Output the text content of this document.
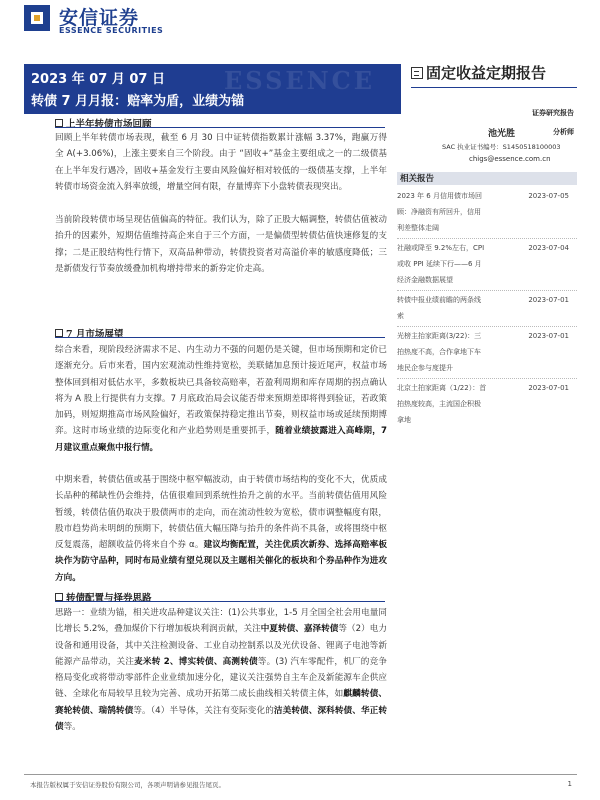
安信证券
ESSENCE SECURITIES
ESSENCE
2023 年 07 月 07 日
转债 7 月月报：赔率为盾，业绩为锚
固定收益定期报告
证券研究报告
池光胜	分析师
SAC 执业证书编号：S1450518100003
chigs@essence.com.cn
相关报告
2023 年 6 月信用债市场回
顾：净融资有所回升，信用
利差整体走阔
2023-07-05
社融或降至 9.2%左右，CPI
或收 PPI 延续下行——6 月
经济金融数据展望
2023-07-04
转债中报业绩前瞻的两条线
索
2023-07-01
光榜主抬家距离(3/22)：三
拍热度不高，合作拿地下车
地民企参与度提升
2023-07-01
北京土拍家距离（1/22）：首
拍热度较高，主流国企积极
拿地
2023-07-01
上半年转债市场回顾
回顾上半年转债市场表现，截至 6 月 30 日中证转债指数累计涨幅 3.37%，跑赢万得全 A(+3.06%)，上涨主要来自三个阶段。由于 “固收+”基金主要组成之一的二级债基在上半年发行遇冷，固收+基金发行主要由风险偏好相对较低的一级债基支撑，上半年转债市场资金流入斜率放缓，增量空间有限，存量博弈下小盘转债表现突出。
当前阶段转债市场呈现估值偏高的特征。我们认为，除了正股大幅调整，转债估值被动抬升的因素外，短期估值维持高企来自于三个方面，一是偏债型转债估值快速修复的支撑；二是正股结构性行情下，双高品种带动，转债投资者对高溢价率的敏感度降低；三是新债发行节奏放缓叠加机构增持带来的新券定价走高。
7 月市场展望
综合来看，现阶段经济需求不足、内生动力不强的问题仍是关键，但市场预期和定价已逐渐充分。后市来看，国内宏观流动性维持宽松，美联储加息预计接近尾声，权益市场整体回到相对低估水平，多数板块已具备较高赔率，若盈利周期和库存周期的拐点确认将为 A 股上行提供有力支撑。7 月底政治局会议能否带来预期差即将得到验证，若政策加码，则短期推高市场风险偏好，若政策保持稳定推出节奏，则权益市场或延续预期博弈。这时市场业绩的边际变化和产业趋势则是重要抓手，随着业绩披露进入高峰期，7 月建议重点聚焦中报行情。
中期来看，转债估值或基于围绕中枢窄幅波动，由于转债市场结构的变化不大，优质成长品种的稀缺性仍会维持，估值很难回到系统性抬升之前的水平。当前转债估值用风险暂缓，转债估值仍取决于股债两市的走向，而在流动性较为宽松，债市调整幅度有限，股市趋势尚未明朗的预期下，转债估值大幅压降与抬升的条件尚不具备，或将围绕中枢反复震荡，超额收益仍将来自个券 α。建议均衡配置，关注优质次新券、选择高赔率板块作为防守品种，同时布局业绩有望兑现以及主题相关催化的板块和个券品种作为进攻方向。
转债配置与择券思路
思路一：业绩为锚，相关进攻品种建议关注：(1)公共事业，1-5 月全国全社会用电量同比增长 5.2%，叠加煤价下行增加板块利润贡献，关注中夏转债、嘉泽转债等（2）电力设备和通用设备，其中关注检测设备、工业自动控制系以及光伏设备、锂离子电池等新能源产品带动，关注麦米转 2、博实转债、高测转债等。(3) 汽车零配件，机厂的竞争格局变化或将带动零部件企业业绩加速分化，建议关注强势自主车企及新能源车企供应链、全球化布局较早且较为完善、成功开拓第二成长曲线相关转债主体，如麒麟转债、赛轮转债、瑞鹄转债等。（4）半导体，关注有变际变化的洁美转债、深科转债、华正转债等。
本报告版权属于安信证券股份有限公司，各项声明请参见报告尾页。	1
